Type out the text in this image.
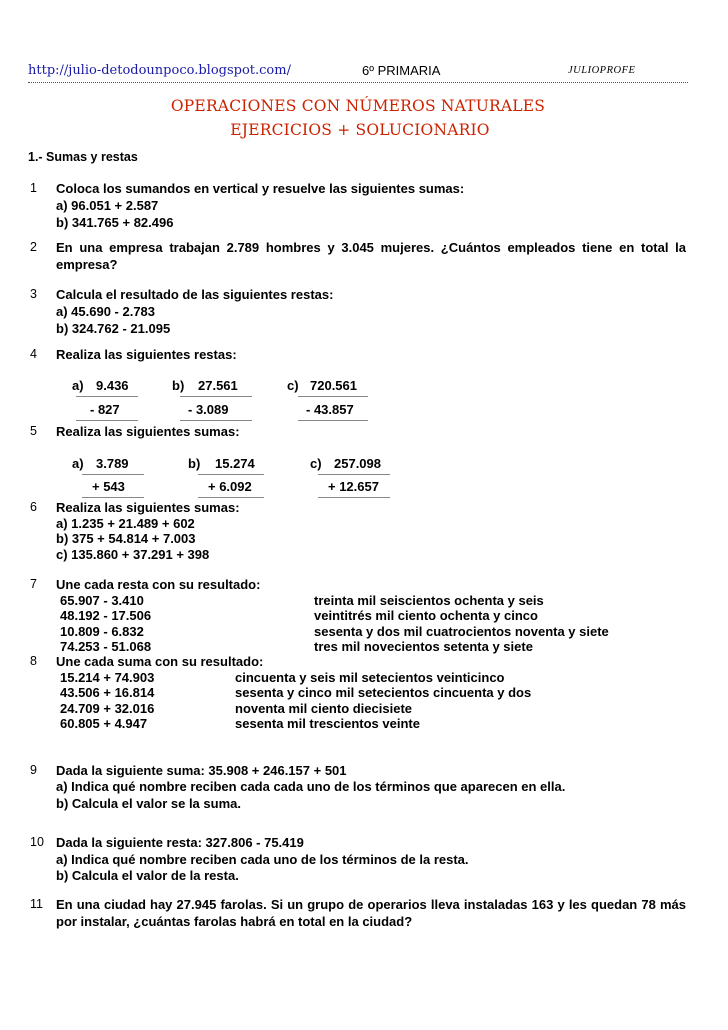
http://julio-detodounpoco.blogspot.com/	6º PRIMARIA	JULIOPROFE
OPERACIONES CON NÚMEROS NATURALES
EJERCICIOS + SOLUCIONARIO
1.- Sumas y restas
1 Coloca los sumandos en vertical y resuelve las siguientes sumas:
a) 96.051 + 2.587
b) 341.765 + 82.496
2 En una empresa trabajan 2.789 hombres y 3.045 mujeres. ¿Cuántos empleados tiene en total la empresa?
3 Calcula el resultado de las siguientes restas:
a) 45.690 - 2.783
b) 324.762 - 21.095
4 Realiza las siguientes restas:
a) 9.436
- 827
b) 27.561
- 3.089
c) 720.561
- 43.857
5 Realiza las siguientes sumas:
a) 3.789
+ 543
b) 15.274
+ 6.092
c) 257.098
+ 12.657
6 Realiza las siguientes sumas:
a) 1.235 + 21.489 + 602
b) 375 + 54.814 + 7.003
c) 135.860 + 37.291 + 398
7 Une cada resta con su resultado:
65.907 - 3.410
48.192 - 17.506
10.809 - 6.832
74.253 - 51.068
treinta mil seiscientos ochenta y seis
veintitrés mil ciento ochenta y cinco
sesenta y dos mil cuatrocientos noventa y siete
tres mil novecientos setenta y siete
8 Une cada suma con su resultado:
15.214 + 74.903
43.506 + 16.814
24.709 + 32.016
60.805 + 4.947
cincuenta y seis mil setecientos veinticinco
sesenta y cinco mil setecientos cincuenta y dos
noventa mil ciento diecisiete
sesenta mil trescientos veinte
9 Dada la siguiente suma: 35.908 + 246.157 + 501
a) Indica qué nombre reciben cada cada uno de los términos que aparecen en ella.
b) Calcula el valor se la suma.
10 Dada la siguiente resta: 327.806 - 75.419
a) Indica qué nombre reciben cada uno de los términos de la resta.
b) Calcula el valor de la resta.
11 En una ciudad hay 27.945 farolas. Si un grupo de operarios lleva instaladas 163 y les quedan 78 más por instalar, ¿cuántas farolas habrá en total en la ciudad?
